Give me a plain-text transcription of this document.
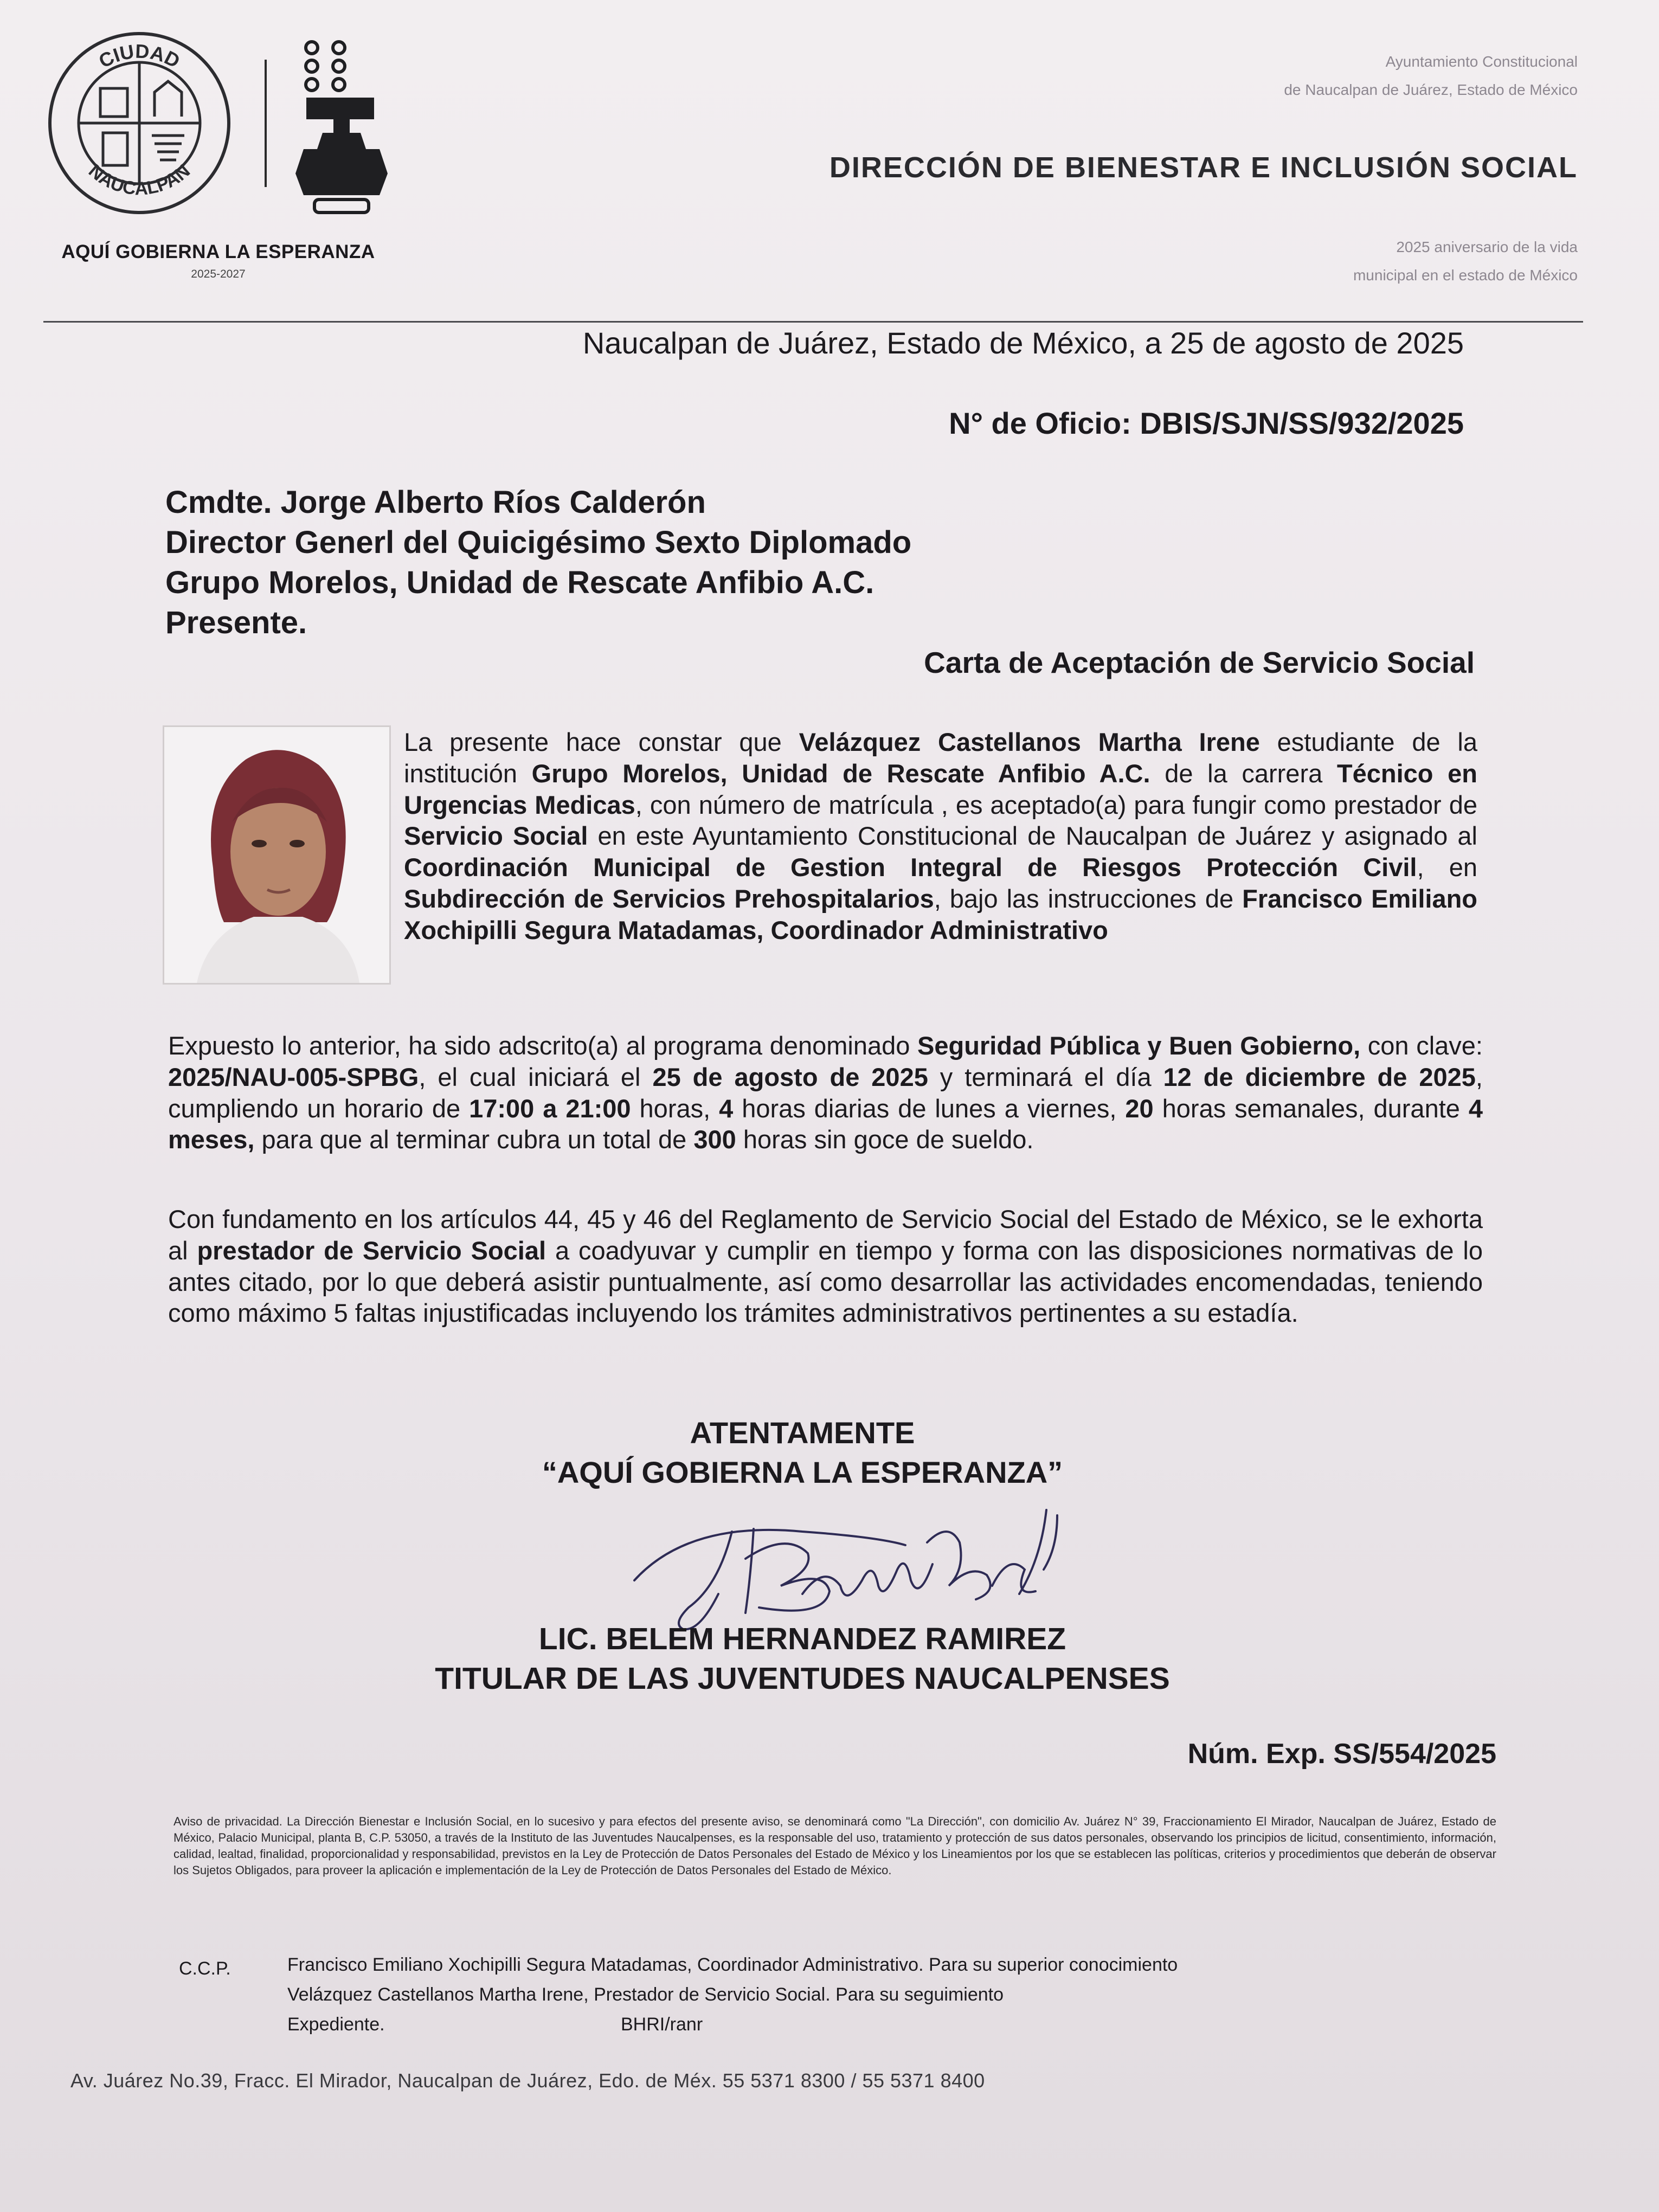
CIUDAD
NAUCALPAN
AQUÍ GOBIERNA LA ESPERANZA
2025-2027
Ayuntamiento Constitucional
de Naucalpan de Juárez, Estado de México
DIRECCIÓN DE BIENESTAR E INCLUSIÓN SOCIAL
2025 aniversario de la vida
municipal en el estado de México
Naucalpan de Juárez, Estado de México, a 25 de agosto de 2025
N° de Oficio: DBIS/SJN/SS/932/2025
Cmdte. Jorge Alberto Ríos Calderón
Director Generl del Quicigésimo Sexto Diplomado
Grupo Morelos, Unidad de Rescate Anfibio A.C.
Presente.
Carta de Aceptación de Servicio Social
La presente hace constar que Velázquez Castellanos Martha Irene estudiante de la institución Grupo Morelos, Unidad de Rescate Anfibio A.C. de la carrera Técnico en Urgencias Medicas, con número de matrícula , es aceptado(a) para fungir como prestador de Servicio Social en este Ayuntamiento Constitucional de Naucalpan de Juárez y asignado al Coordinación Municipal de Gestion Integral de Riesgos Protección Civil, en Subdirección de Servicios Prehospitalarios, bajo las instrucciones de Francisco Emiliano Xochipilli Segura Matadamas, Coordinador Administrativo
Expuesto lo anterior, ha sido adscrito(a) al programa denominado Seguridad Pública y Buen Gobierno, con clave: 2025/NAU-005-SPBG, el cual iniciará el 25 de agosto de 2025 y terminará el día 12 de diciembre de 2025, cumpliendo un horario de 17:00 a 21:00 horas, 4 horas diarias de lunes a viernes, 20 horas semanales, durante 4 meses, para que al terminar cubra un total de 300 horas sin goce de sueldo.
Con fundamento en los artículos 44, 45 y 46 del Reglamento de Servicio Social del Estado de México, se le exhorta al prestador de Servicio Social a coadyuvar y cumplir en tiempo y forma con las disposiciones normativas de lo antes citado, por lo que deberá asistir puntualmente, así como desarrollar las actividades encomendadas, teniendo como máximo 5 faltas injustificadas incluyendo los trámites administrativos pertinentes a su estadía.
ATENTAMENTE
“AQUÍ GOBIERNA LA ESPERANZA”
LIC. BELEM HERNANDEZ RAMIREZ
TITULAR DE LAS JUVENTUDES NAUCALPENSES
Núm. Exp. SS/554/2025
Aviso de privacidad. La Dirección Bienestar e Inclusión Social, en lo sucesivo y para efectos del presente aviso, se denominará como "La Dirección", con domicilio Av. Juárez N° 39, Fraccionamiento El Mirador, Naucalpan de Juárez, Estado de México, Palacio Municipal, planta B, C.P. 53050, a través de la Instituto de las Juventudes Naucalpenses, es la responsable del uso, tratamiento y protección de sus datos personales, observando los principios de licitud, consentimiento, información, calidad, lealtad, finalidad, proporcionalidad y responsabilidad, previstos en la Ley de Protección de Datos Personales del Estado de México y los Lineamientos por los que se establecen las políticas, criterios y procedimientos que deberán de observar los Sujetos Obligados, para proveer la aplicación e implementación de la Ley de Protección de Datos Personales del Estado de México.
C.C.P.	Francisco Emiliano Xochipilli Segura Matadamas, Coordinador Administrativo. Para su superior conocimiento
Velázquez Castellanos Martha Irene, Prestador de Servicio Social. Para su seguimiento
Expediente.	BHRI/ranr
Av. Juárez No.39, Fracc. El Mirador, Naucalpan de Juárez, Edo. de Méx. 55 5371 8300 / 55 5371 8400
